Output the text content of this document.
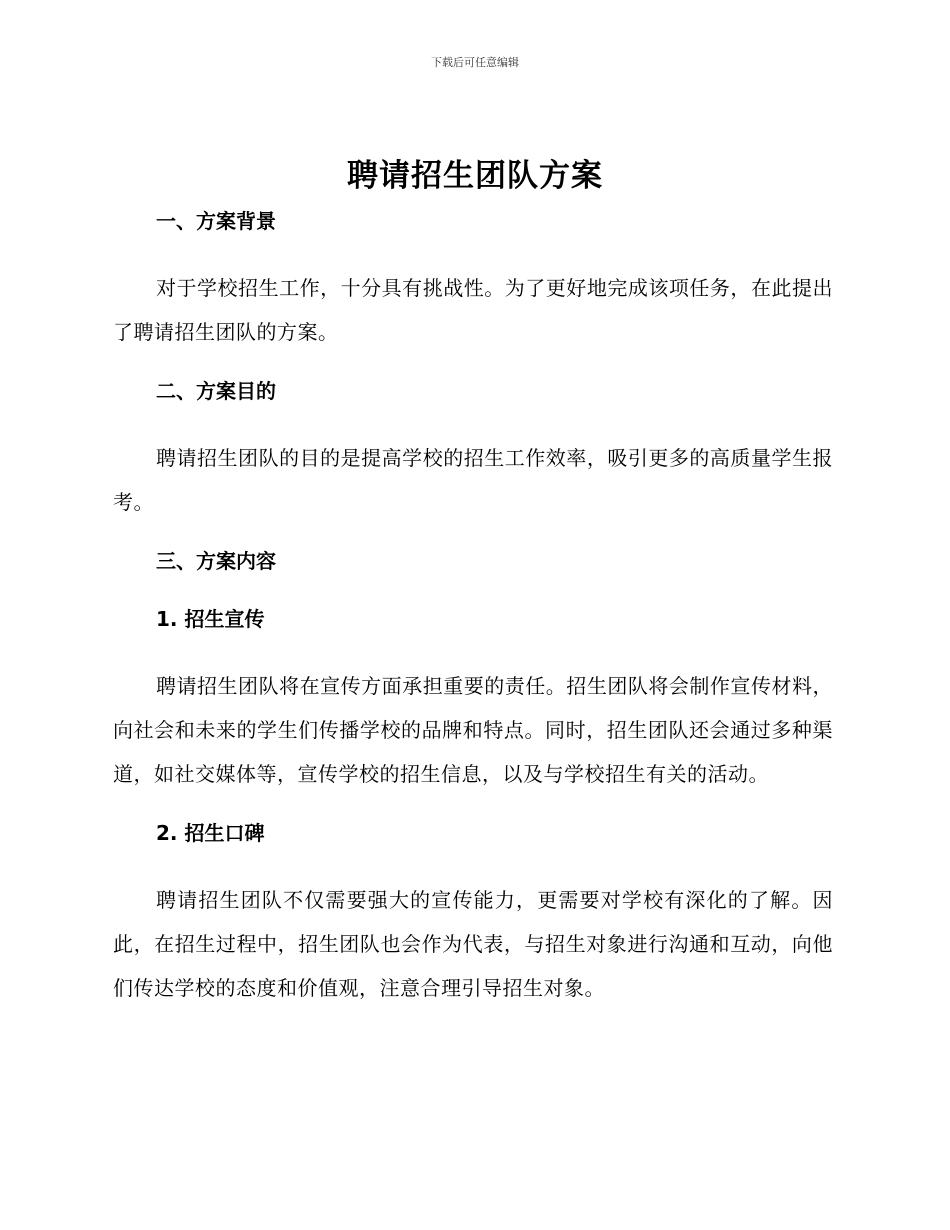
下载后可任意编辑
聘请招生团队方案

一、方案背景

对于学校招生工作，十分具有挑战性。为了更好地完成该项任务，在此提出了聘请招生团队的方案。

二、方案目的

聘请招生团队的目的是提高学校的招生工作效率，吸引更多的高质量学生报考。

三、方案内容

1. 招生宣传

聘请招生团队将在宣传方面承担重要的责任。招生团队将会制作宣传材料，向社会和未来的学生们传播学校的品牌和特点。同时，招生团队还会通过多种渠道，如社交媒体等，宣传学校的招生信息，以及与学校招生有关的活动。

2. 招生口碑

聘请招生团队不仅需要强大的宣传能力，更需要对学校有深化的了解。因此，在招生过程中，招生团队也会作为代表，与招生对象进行沟通和互动，向他们传达学校的态度和价值观，注意合理引导招生对象。
